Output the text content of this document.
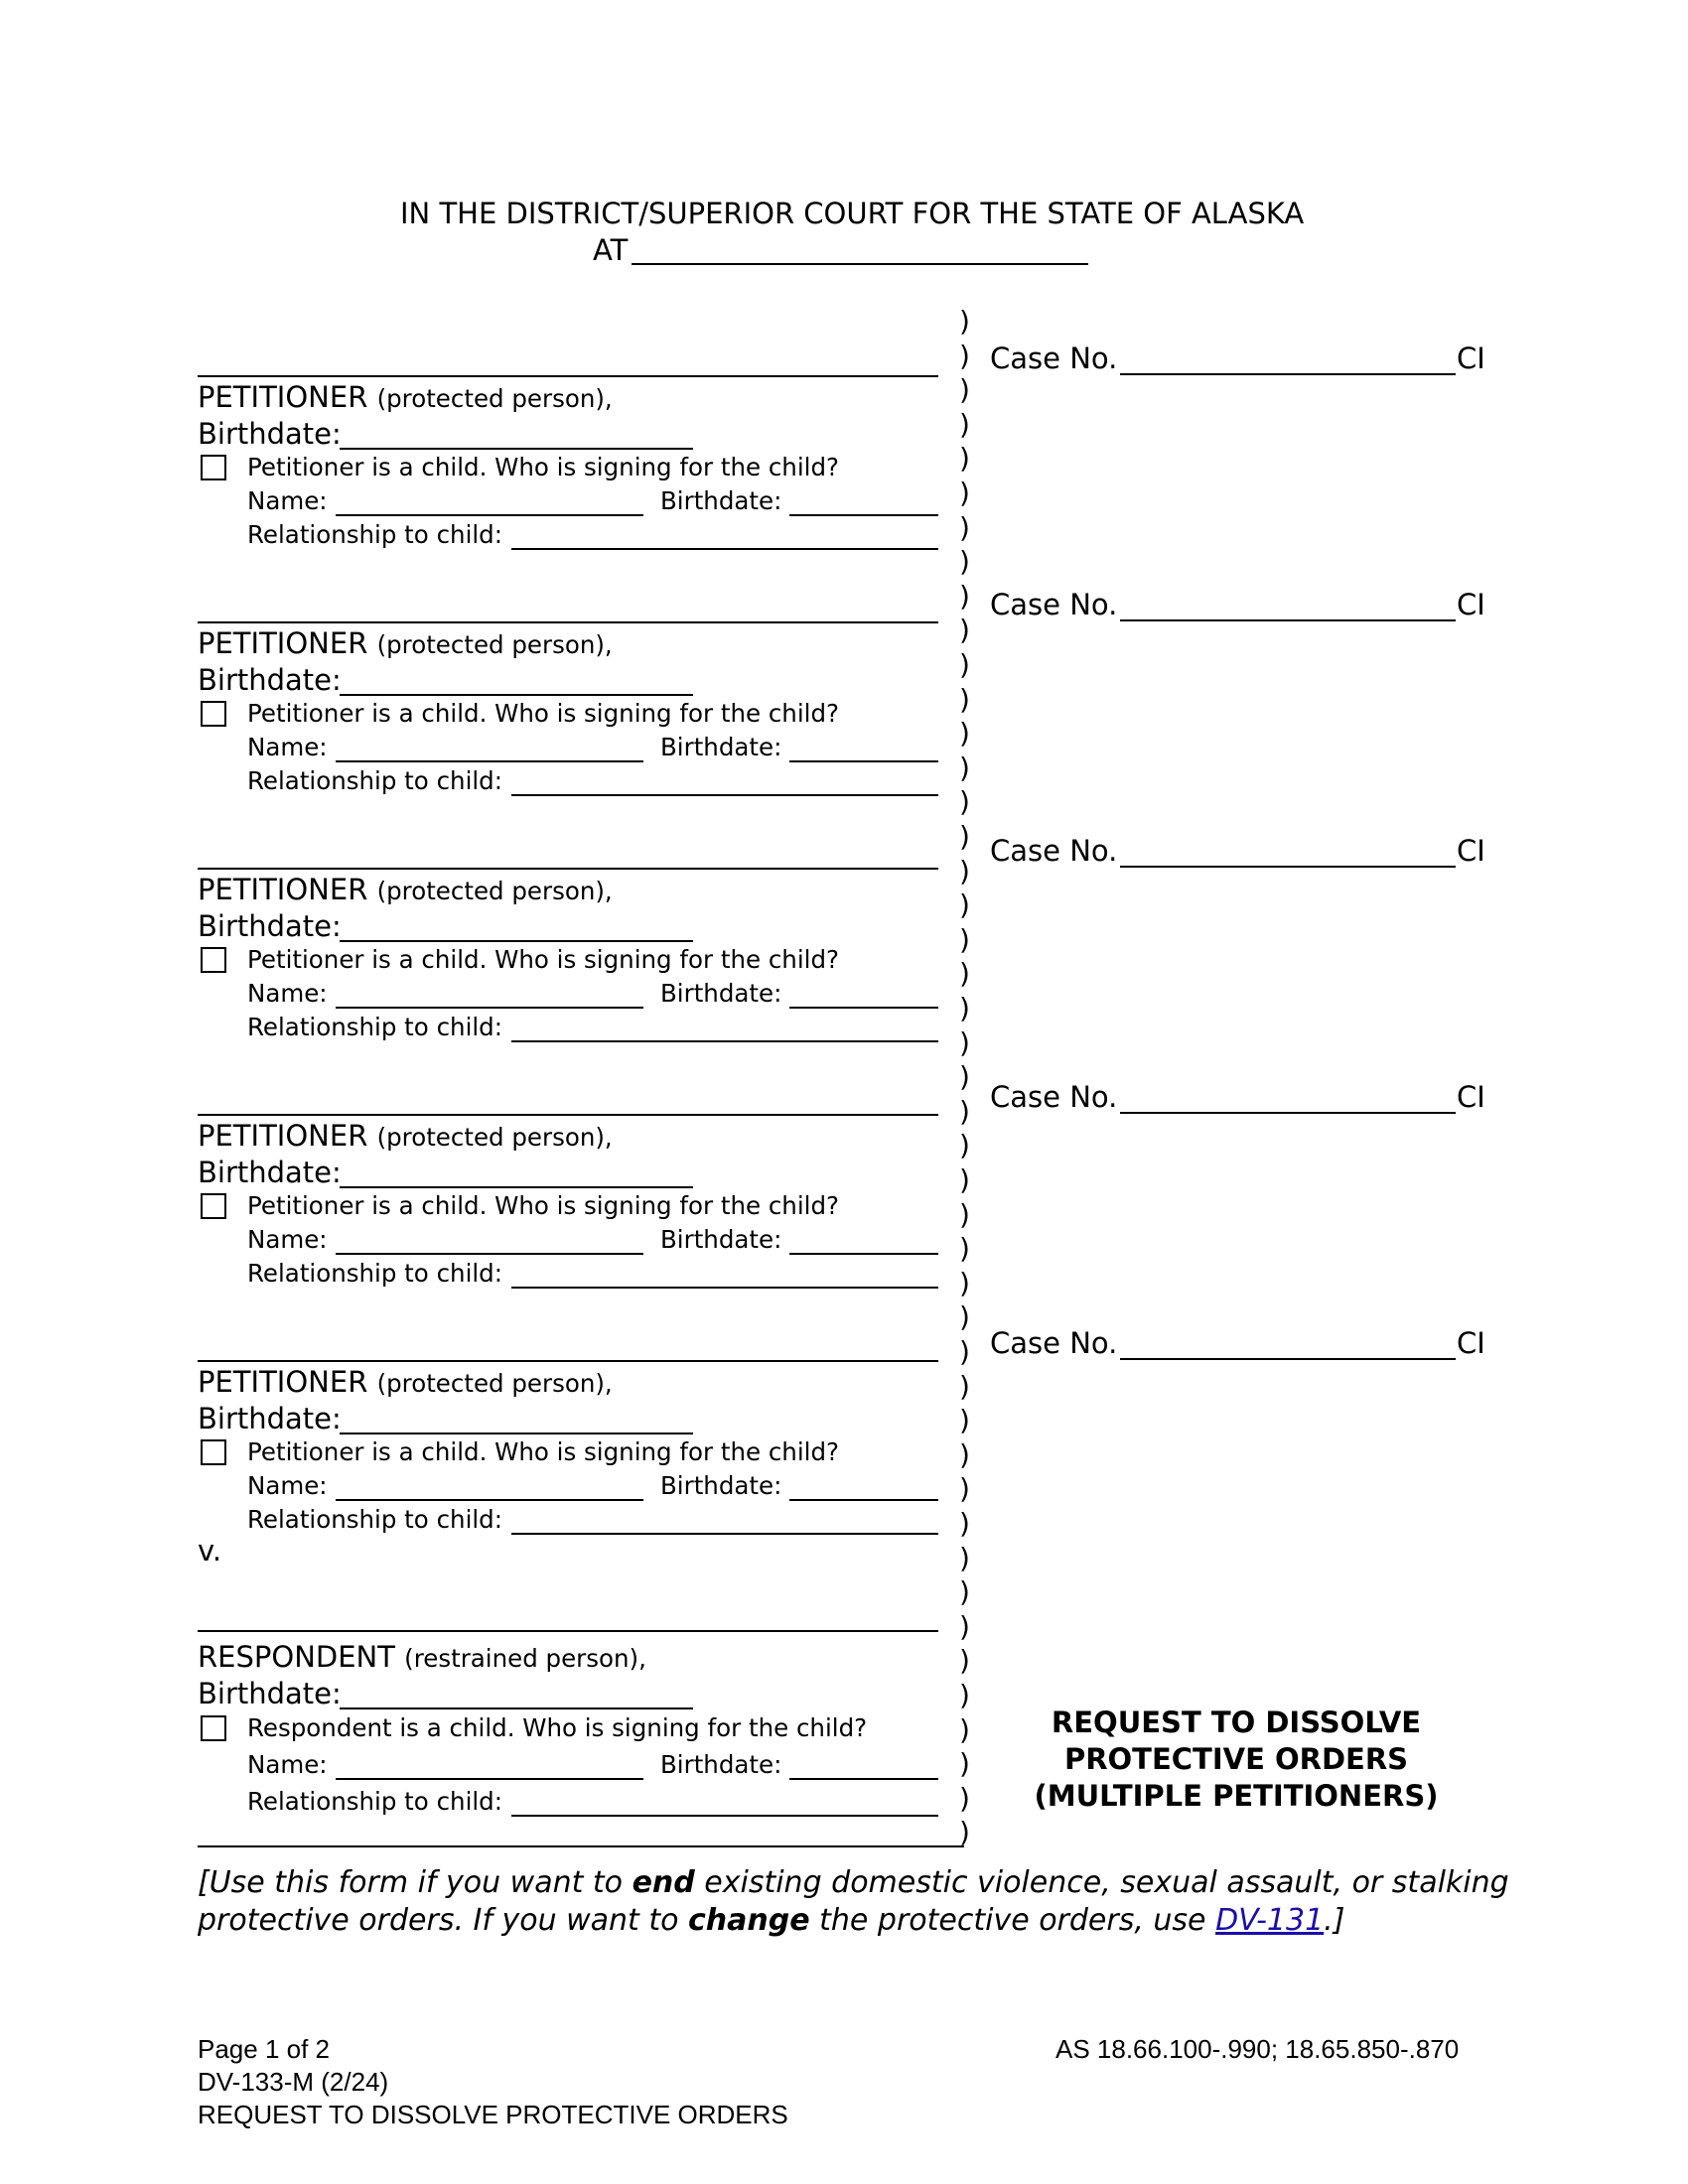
IN THE DISTRICT/SUPERIOR COURT FOR THE STATE OF ALASKA
AT
PETITIONER (protected person),
Birthdate:
Petitioner is a child. Who is signing for the child?
Name:	Birthdate:
Relationship to child:
Case No.	CI
PETITIONER (protected person),
Birthdate:
Petitioner is a child. Who is signing for the child?
Name:	Birthdate:
Relationship to child:
Case No.	CI
PETITIONER (protected person),
Birthdate:
Petitioner is a child. Who is signing for the child?
Name:	Birthdate:
Relationship to child:
Case No.	CI
PETITIONER (protected person),
Birthdate:
Petitioner is a child. Who is signing for the child?
Name:	Birthdate:
Relationship to child:
Case No.	CI
PETITIONER (protected person),
Birthdate:
Petitioner is a child. Who is signing for the child?
Name:	Birthdate:
Relationship to child:
Case No.	CI
v.
RESPONDENT (restrained person),
Birthdate:
Respondent is a child. Who is signing for the child?
Name:	Birthdate:
Relationship to child:
)
)
)
)
)
)
)
)
)
)
)
)
)
)
)
)
)
)
)
)
)
)
)
)
)
)
)
)
)
)
)
)
)
)
)
)
)
)
)
)
)
)
)
)
)
REQUEST TO DISSOLVE
PROTECTIVE ORDERS
(MULTIPLE PETITIONERS)
[Use this form if you want to end existing domestic violence, sexual assault, or stalking
protective orders. If you want to change the protective orders, use DV-131.]
Page 1 of 2
DV-133-M (2/24)
REQUEST TO DISSOLVE PROTECTIVE ORDERS
AS 18.66.100-.990; 18.65.850-.870
